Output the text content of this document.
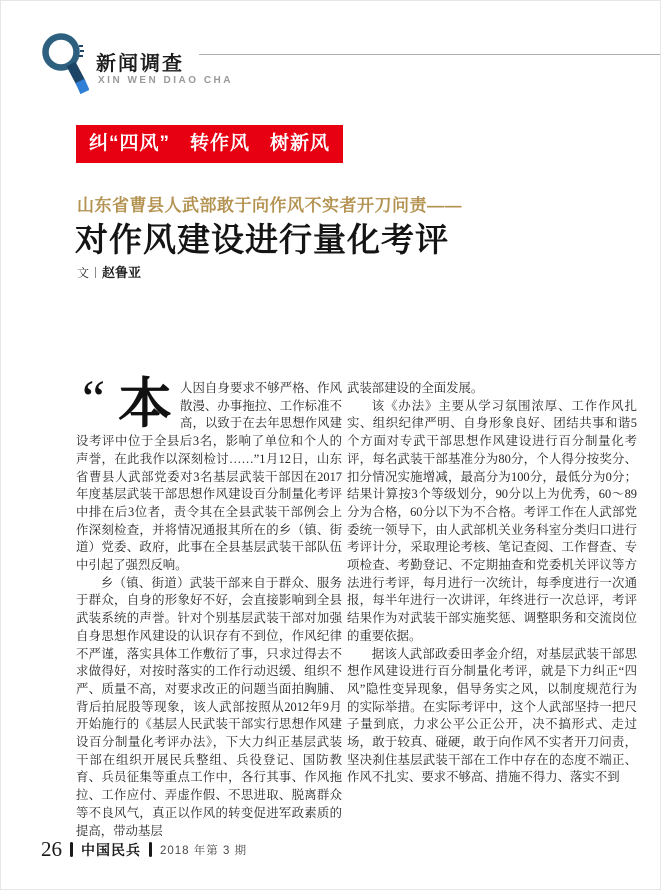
新闻调查
XIN WEN DIAO CHA
纠“四风”　转作风　树新风
山东省曹县人武部敢于向作风不实者开刀问责——
对作风建设进行量化考评
文 赵鲁亚

“ 本 人因自身要求不够严格、作风散漫、办事拖拉、工作标准不高，以致于在去年思想作风建设考评中位于全县后3名，影响了单位和个人的声誉，在此我作以深刻检讨……”1月12日，山东省曹县人武部党委对3名基层武装干部因在2017年度基层武装干部思想作风建设百分制量化考评中排在后3位者，责令其在全县武装干部例会上作深刻检查，并将情况通报其所在的乡（镇、街道）党委、政府，此事在全县基层武装干部队伍中引起了强烈反响。

乡（镇、街道）武装干部来自于群众、服务于群众，自身的形象好不好，会直接影响到全县武装系统的声誉。针对个别基层武装干部对加强自身思想作风建设的认识存有不到位，作风纪律不严谨，落实具体工作敷衍了事，只求过得去不求做得好，对按时落实的工作行动迟缓、组织不严、质量不高，对要求改正的问题当面拍胸脯、背后拍屁股等现象，该人武部按照从2012年9月开始施行的《基层人民武装干部实行思想作风建设百分制量化考评办法》，下大力纠正基层武装干部在组织开展民兵整组、兵役登记、国防教育、兵员征集等重点工作中，各行其事、作风拖拉、工作应付、弄虚作假、不思进取、脱离群众等不良风气，真正以作风的转变促进军政素质的提高，带动基层

武装部建设的全面发展。

该《办法》主要从学习氛围浓厚、工作作风扎实、组织纪律严明、自身形象良好、团结共事和谐5个方面对专武干部思想作风建设进行百分制量化考评，每名武装干部基准分为80分，个人得分按奖分、扣分情况实施增减，最高分为100分，最低分为0分；结果计算按3个等级划分，90分以上为优秀，60～89分为合格，60分以下为不合格。考评工作在人武部党委统一领导下，由人武部机关业务科室分类归口进行考评计分，采取理论考核、笔记查阅、工作督查、专项检查、考勤登记、不定期抽查和党委机关评议等方法进行考评，每月进行一次统计，每季度进行一次通报，每半年进行一次讲评，年终进行一次总评，考评结果作为对武装干部实施奖惩、调整职务和交流岗位的重要依据。

据该人武部政委田孝金介绍，对基层武装干部思想作风建设进行百分制量化考评，就是下力纠正“四风”隐性变异现象，倡导务实之风，以制度规范行为的实际举措。在实际考评中，这个人武部坚持一把尺子量到底，力求公平公正公开，决不搞形式、走过场，敢于较真、碰硬，敢于向作风不实者开刀问责，坚决刹住基层武装干部在工作中存在的态度不端正、作风不扎实、要求不够高、措施不得力、落实不到

26 中国民兵 2018 年第 3 期
